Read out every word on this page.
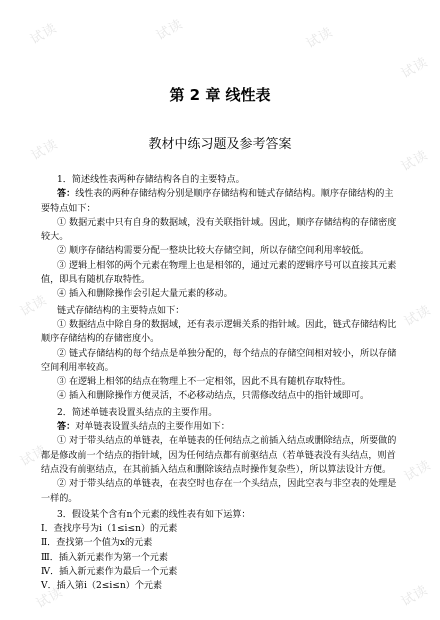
试读	试读	试读
试读
试读	试读
试读	试读
试读
试读
试读	试读
第 2 章 线性表
教材中练习题及参考答案

1．简述线性表两种存储结构各自的主要特点。

答：线性表的两种存储结构分别是顺序存储结构和链式存储结构。顺序存储结构的主

要特点如下：

① 数据元素中只有自身的数据域，没有关联指针域。因此，顺序存储结构的存储密度

较大。

② 顺序存储结构需要分配一整块比较大存储空间，所以存储空间利用率较低。

③ 逻辑上相邻的两个元素在物理上也是相邻的，通过元素的逻辑序号可以直接其元素

值，即具有随机存取特性。

④ 插入和删除操作会引起大量元素的移动。

链式存储结构的主要特点如下：

① 数据结点中除自身的数据域，还有表示逻辑关系的指针域。因此，链式存储结构比

顺序存储结构的存储密度小。

② 链式存储结构的每个结点是单独分配的，每个结点的存储空间相对较小，所以存储

空间利用率较高。

③ 在逻辑上相邻的结点在物理上不一定相邻，因此不具有随机存取特性。

④ 插入和删除操作方便灵活，不必移动结点，只需修改结点中的指针域即可。

2．简述单链表设置头结点的主要作用。

答：对单链表设置头结点的主要作用如下：

① 对于带头结点的单链表，在单链表的任何结点之前插入结点或删除结点，所要做的

都是修改前一个结点的指针域，因为任何结点都有前驱结点（若单链表没有头结点，则首

结点没有前驱结点，在其前插入结点和删除该结点时操作复杂些），所以算法设计方便。

② 对于带头结点的单链表，在表空时也存在一个头结点，因此空表与非空表的处理是

一样的。

3．假设某个含有n个元素的线性表有如下运算：

Ⅰ．查找序号为i（1≤i≤n）的元素

Ⅱ．查找第一个值为x的元素

Ⅲ．插入新元素作为第一个元素

Ⅳ．插入新元素作为最后一个元素

Ⅴ．插入第i（2≤i≤n）个元素
